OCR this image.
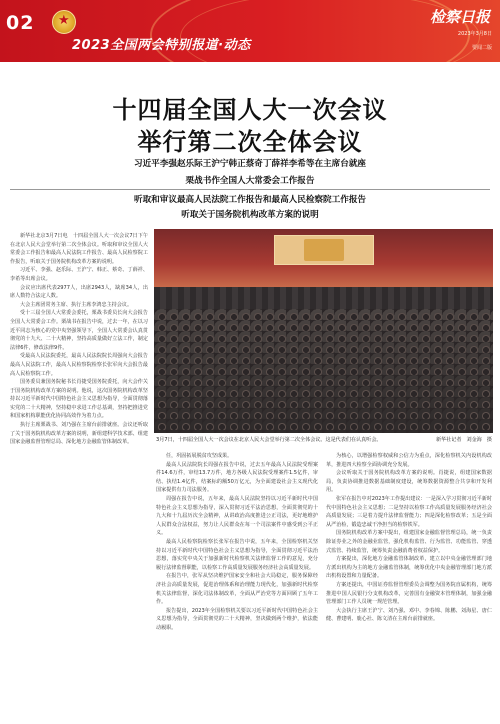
02
★
2023全国两会特别报道·动态
检察日报
2023年3月8日
要闻二版
十四届全国人大一次会议
举行第二次全体会议
习近平李强赵乐际王沪宁韩正蔡奇丁薛祥李希等在主席台就座
栗战书作全国人大常委会工作报告
听取和审议最高人民法院工作报告和最高人民检察院工作报告
听取关于国务院机构改革方案的说明

新华社北京3月7日电　十四届全国人大一次会议7日下午在北京人民大会堂举行第二次全体会议。听取和审议全国人大常委会工作报告和最高人民法院工作报告、最高人民检察院工作报告，听取关于国务院机构改革方案的说明。

习近平、李强、赵乐际、王沪宁、韩正、蔡奇、丁薛祥、李希等出席会议。

会议应出席代表2977人，出席2943人，缺席34人，出席人数符合法定人数。

大会主席团常务主席、执行主席李鸿忠主持会议。

受十三届全国人大常委会委托，栗战书委员长向大会报告全国人大常委会工作。栗战书在报告中说，过去一年，在以习近平同志为核心的党中央坚强领导下，全国人大常委会认真贯彻党的十九大、二十大精神，坚持高质量做好立法工作，制定法律6件，修改法律9件。

受最高人民法院委托，最高人民法院院长周强向大会报告最高人民法院工作，最高人民检察院检察长张军向大会报告最高人民检察院工作。

国务委员兼国务院秘书长肖捷受国务院委托，向大会作关于国务院机构改革方案的说明。他说，这次国务院机构改革坚持以习近平新时代中国特色社会主义思想为指导，全面贯彻落实党的二十大精神，坚持稳中求进工作总基调，坚持把推进党和国家机构职能优化协同高效作为着力点。

执行主席栗战书、刘乃强在主席台前排就座。会议还听取了关于国务院机构改革方案的说明，新组建科学技术部、组建国家金融监督管理总局、深化地方金融监管体制改革。	3月7日，十四届全国人大一次会议在北京人民大会堂举行第二次全体会议。这是代表们在认真听会。	新华社记者　刘金海　摄

任，巩固拓展脱贫攻坚成果。

最高人民法院院长周强在报告中说，过去五年最高人民法院受理案件14.6万件，审结13.7万件，地方各级人民法院受理案件1.5亿件，审结、执结1.4亿件，结案标的额50万亿元，为全面建设社会主义现代化国家提供有力司法服务。

周强在报告中说，五年来，最高人民法院坚持以习近平新时代中国特色社会主义思想为指导，深入贯彻习近平法治思想，全面贯彻党的十九大和十九届历次全会精神，从讲政治高度推进公正司法，更好地维护人民群众合法权益，努力让人民群众在每一个司法案件中感受到公平正义。

最高人民检察院检察长张军在报告中说，五年来，全国检察机关坚持以习近平新时代中国特色社会主义思想为指导，全面贯彻习近平法治思想，落实党中央关于加强新时代检察机关法律监督工作的意见，充分履行法律监督职能，以检察工作高质量发展服务经济社会高质量发展。

在报告中，张军从坚决维护国家安全和社会大局稳定，服务保障经济社会高质量发展，促进治理体系和治理能力现代化，加强新时代检察机关法律监督，深化司法体制改革，全面从严治党等方面回顾了五年工作。

报告提出，2023年全国检察机关要以习近平新时代中国特色社会主义思想为指导，全面贯彻党的二十大精神，坚决做到两个维护，依法能动履职。

为核心，以增强检察权威和公信力为重点，深化检察机关内设机构改革，推进四大检察全面协调充分发展。

会议听取关于国务院机构改革方案的说明。肖捷说，组建国家数据局，负责协调推进数据基础制度建设，统筹数据资源整合共享和开发利用。

张军在报告中对2023年工作提出建议：一是深入学习贯彻习近平新时代中国特色社会主义思想；二是坚持以检察工作高质量发展服务经济社会高质量发展；三是着力提升法律监督能力；四是深化检察改革；五是全面从严治检，锻造忠诚干净担当的检察铁军。

国务院机构改革方案中提出，组建国家金融监督管理总局，统一负责除证券业之外的金融业监管，强化机构监管、行为监管、功能监管、穿透式监管、持续监管，统筹负责金融消费者权益保护。

方案提出，深化地方金融监管体制改革，建立以中央金融管理部门地方派出机构为主的地方金融监管体制，统筹优化中央金融管理部门地方派出机构设置和力量配备。

方案还提出，中国证券监督管理委员会调整为国务院直属机构，统筹推进中国人民银行分支机构改革，完善国有金融资本管理体制，加强金融管理部门工作人员统一规范管理。

大会执行主席王沪宁、刘乃强、邓中、李春锦、陈鹏、刘海星、唐仁健、曹建明、鹿心社、陈文清在主席台前排就座。
